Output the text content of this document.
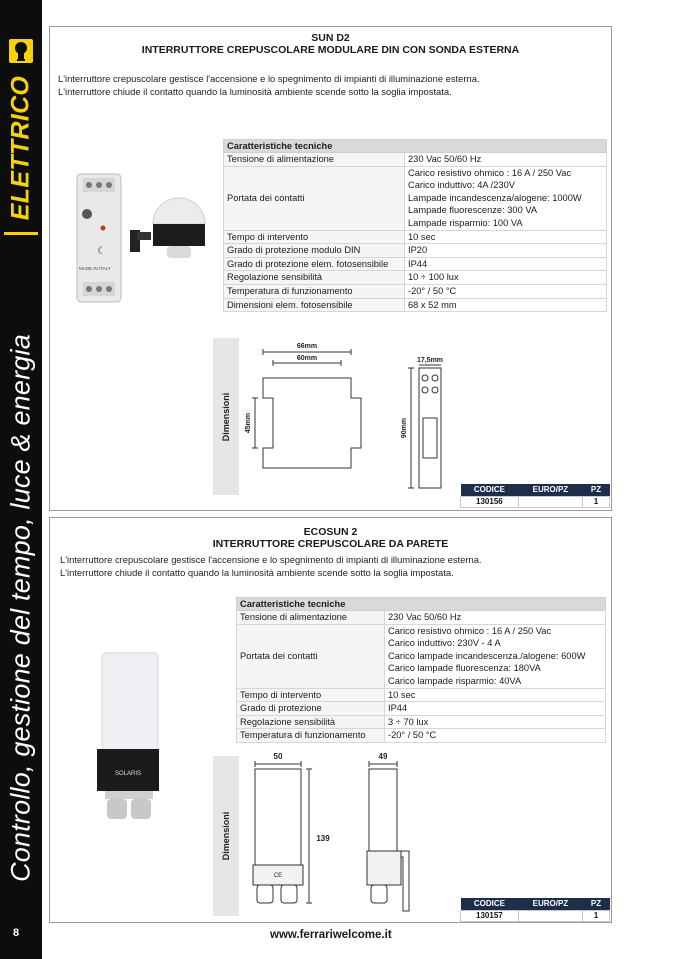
ELETTRICO
Controllo, gestione del tempo, luce & energia
8
SUN D2
INTERRUTTORE CREPUSCOLARE MODULARE DIN CON SONDA ESTERNA
L'interruttore crepuscolare gestisce l'accensione e lo spegnimento di impianti di illuminazione esterna.
L'interruttore chiude il contatto quando la luminosità ambiente scende sotto la soglia impostata.
☾
MADE IN ITALY
Caratteristiche tecniche	
Tensione di alimentazione	230 Vac 50/60 Hz
Portata dei contatti	Carico resistivo ohmico : 16 A / 250 Vac
Carico induttivo: 4A /230V
Lampade incandescenza/alogene: 1000W
Lampade fluorescenze: 300 VA
Lampade risparmio: 100 VA

Tempo di intervento	10 sec
Grado di protezione modulo DIN	IP20
Grado di protezione elem. fotosensibile	IP44
Regolazione sensibilità	10 ÷ 100 lux
Temperatura di funzionamento	-20° / 50 °C
Dimensioni elem. fotosensibile	68 x 52 mm
Dimensioni
66mm
60mm
45mm
17,5mm
90mm
CODICE	EURO/PZ	PZ
130156		1
ECOSUN 2
INTERRUTTORE CREPUSCOLARE DA PARETE
L'interruttore crepuscolare gestisce l'accensione e lo spegnimento di impianti di illuminazione esterna.
L'interruttore chiude il contatto quando la luminosità ambiente scende sotto la soglia impostata.
SOLARIS
Caratteristiche tecniche	
Tensione di alimentazione	230 Vac 50/60 Hz
Portata dei contatti	Carico resistivo ohmico : 16 A / 250 Vac
Carico induttivo: 230V - 4 A
Carico lampade incandescenza./alogene: 600W
Carico lampade fluorescenza: 180VA
Carico lampade risparmio: 40VA

Tempo di intervento	10 sec
Grado di protezione	IP44
Regolazione sensibilità	3 ÷ 70 lux
Temperatura di funzionamento	-20° / 50 °C
Dimensioni
50
139
49
CE
CODICE	EURO/PZ	PZ
130157		1
www.ferrariwelcome.it
